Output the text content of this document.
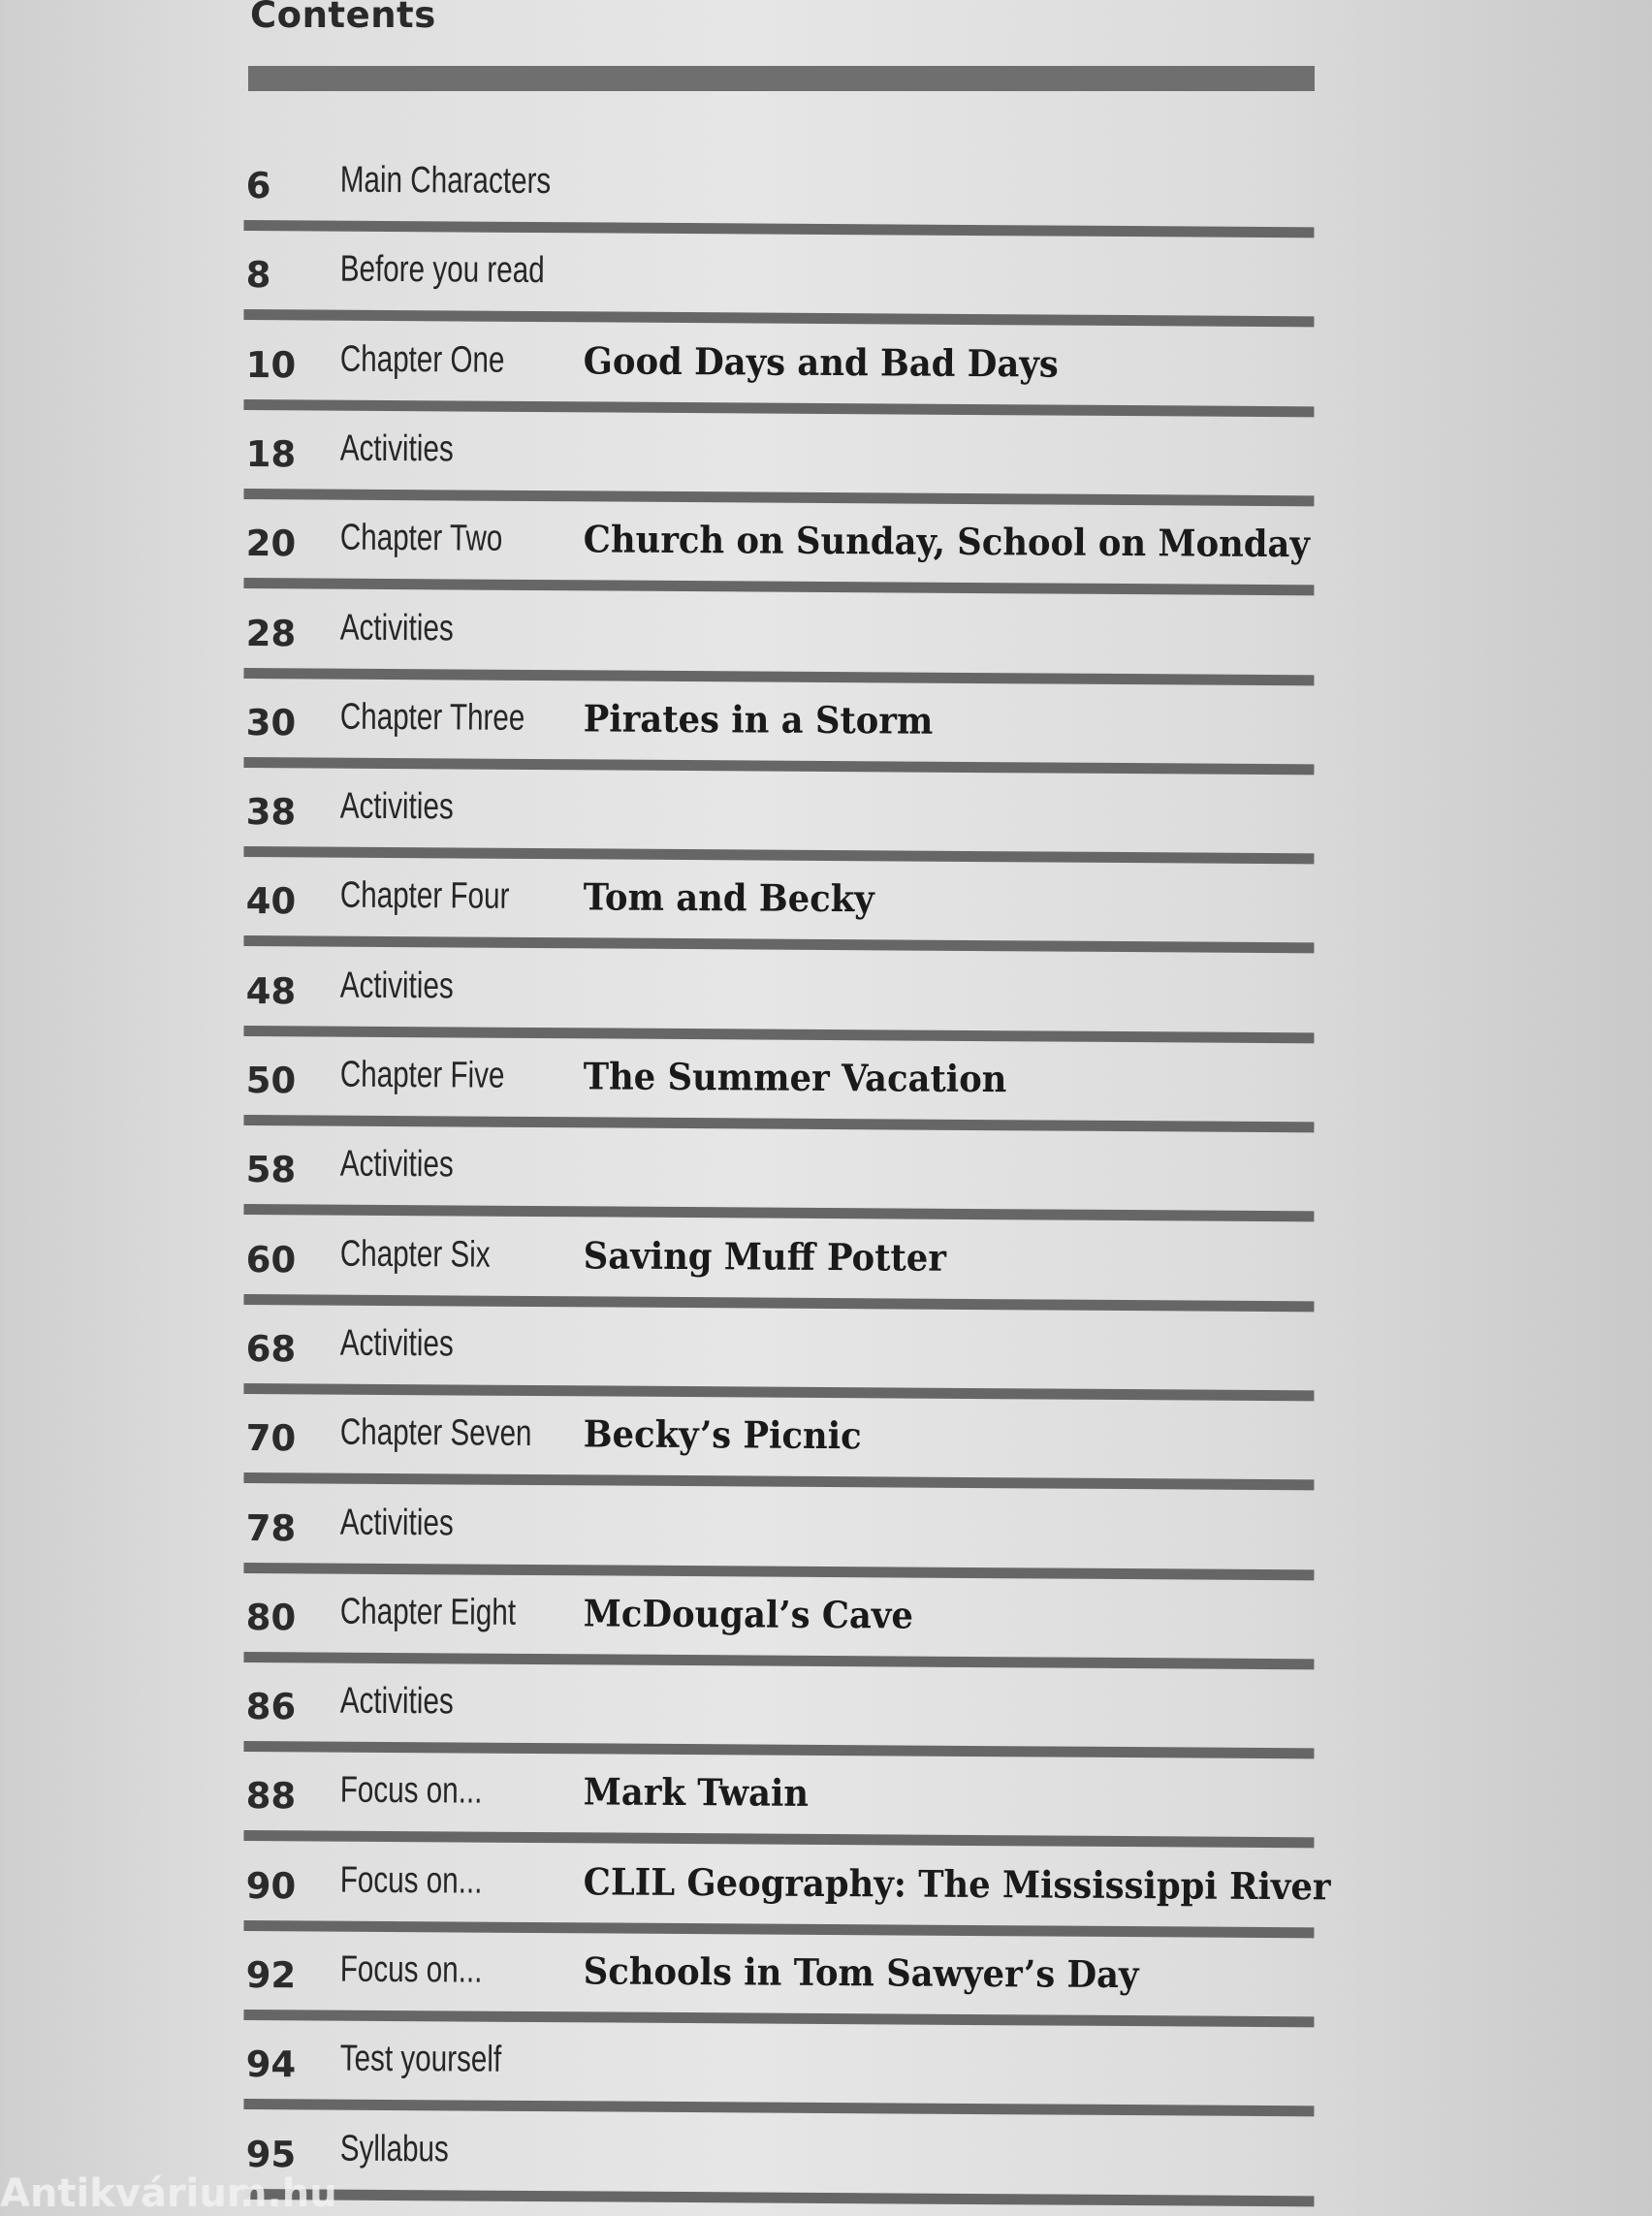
Contents
6 Main Characters
8 Before you read
10 Chapter One Good Days and Bad Days
18 Activities
20 Chapter Two Church on Sunday, School on Monday
28 Activities
30 Chapter Three Pirates in a Storm
38 Activities
40 Chapter Four Tom and Becky
48 Activities
50 Chapter Five The Summer Vacation
58 Activities
60 Chapter Six	Saving Muff Potter
68 Activities
70 Chapter Seven Becky’s Picnic
78 Activities
80 Chapter Eight McDougal’s Cave
86 Activities
88 Focus on...	Mark Twain
90 Focus on...	CLIL Geography: The Mississippi River
92 Focus on...	Schools in Tom Sawyer’s Day
94 Test yourself
95 Syllabus
Antikvárium.hu
